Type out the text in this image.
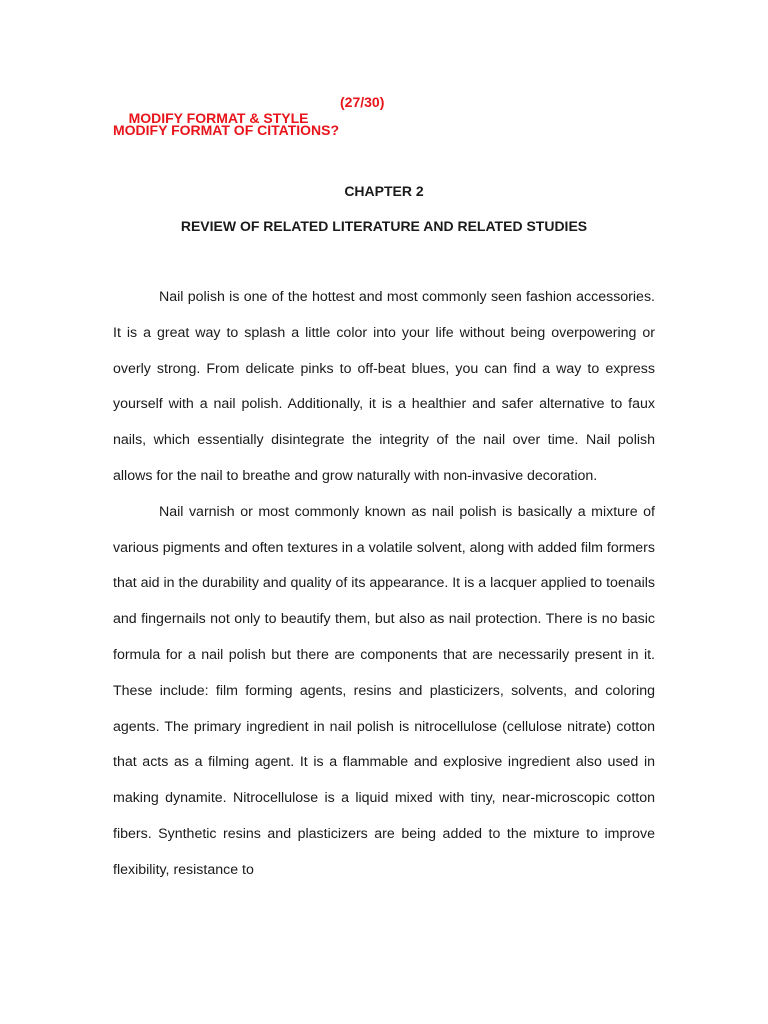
MODIFY FORMAT & STYLE

(27/30)

MODIFY FORMAT OF CITATIONS?
CHAPTER 2
REVIEW OF RELATED LITERATURE AND RELATED STUDIES

Nail polish is one of the hottest and most commonly seen fashion accessories. It is a great way to splash a little color into your life without being overpowering or overly strong. From delicate pinks to off-beat blues, you can find a way to express yourself with a nail polish. Additionally, it is a healthier and safer alternative to faux nails, which essentially disintegrate the integrity of the nail over time. Nail polish allows for the nail to breathe and grow naturally with non-invasive decoration.

Nail varnish or most commonly known as nail polish is basically a mixture of various pigments and often textures in a volatile solvent, along with added film formers that aid in the durability and quality of its appearance. It is a lacquer applied to toenails and fingernails not only to beautify them, but also as nail protection. There is no basic formula for a nail polish but there are components that are necessarily present in it. These include: film forming agents, resins and plasticizers, solvents, and coloring agents. The primary ingredient in nail polish is nitrocellulose (cellulose nitrate) cotton that acts as a filming agent. It is a flammable and explosive ingredient also used in making dynamite. Nitrocellulose is a liquid mixed with tiny, near-microscopic cotton fibers. Synthetic resins and plasticizers are being added to the mixture to improve flexibility, resistance to
